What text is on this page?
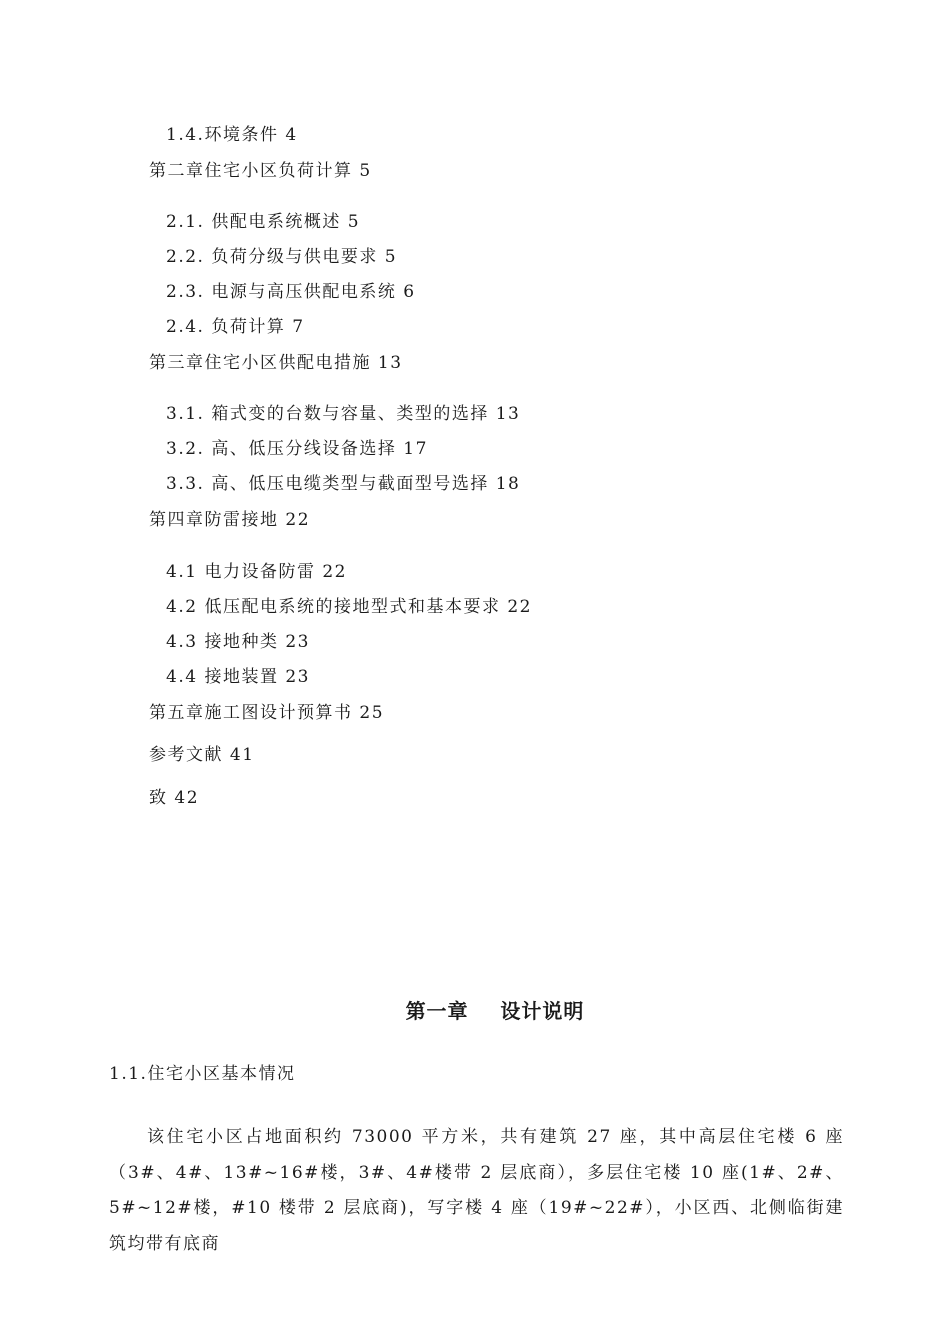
1.4.环境条件 4
第二章住宅小区负荷计算 5
2.1. 供配电系统概述 5
2.2. 负荷分级与供电要求 5
2.3. 电源与高压供配电系统 6
2.4. 负荷计算 7
第三章住宅小区供配电措施 13
3.1. 箱式变的台数与容量、类型的选择 13
3.2. 高、低压分线设备选择 17
3.3. 高、低压电缆类型与截面型号选择 18
第四章防雷接地 22
4.1 电力设备防雷 22
4.2 低压配电系统的接地型式和基本要求 22
4.3 接地种类 23
4.4 接地装置 23
第五章施工图设计预算书 25
参考文献 41
致 42
第一章    设计说明
1.1.住宅小区基本情况

该住宅小区占地面积约 73000 平方米，共有建筑 27 座，其中高层住宅楼 6 座（3#、4#、13#~16#楼，3#、4#楼带 2 层底商），多层住宅楼 10 座(1#、2#、5#~12#楼，#10 楼带 2 层底商)，写字楼 4 座（19#~22#），小区西、北侧临街建筑均带有底商
